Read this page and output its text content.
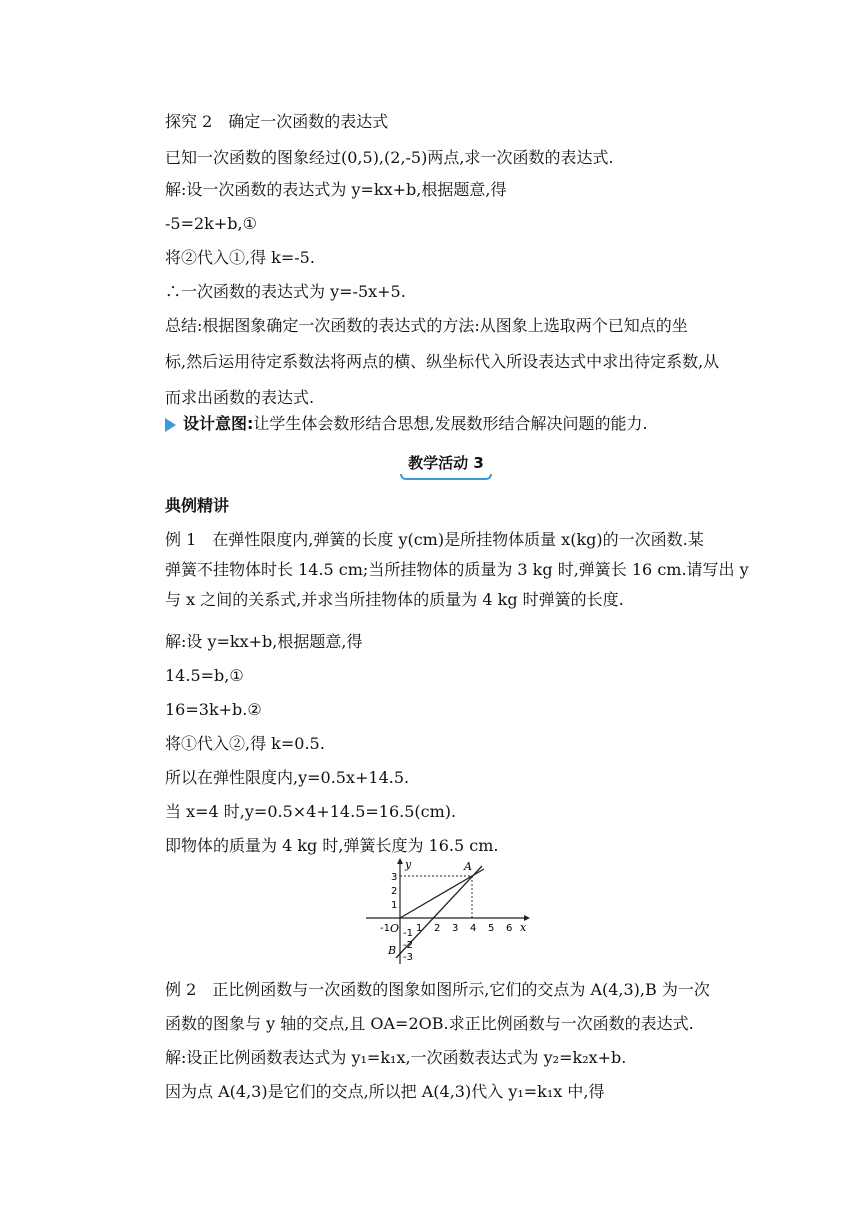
探究 2　确定一次函数的表达式
已知一次函数的图象经过(0,5),(2,-5)两点,求一次函数的表达式.
解:设一次函数的表达式为 y=kx+b,根据题意,得
-5=2k+b,①
将②代入①,得 k=-5.
∴一次函数的表达式为 y=-5x+5.
总结:根据图象确定一次函数的表达式的方法:从图象上选取两个已知点的坐
标,然后运用待定系数法将两点的横、纵坐标代入所设表达式中求出待定系数,从
而求出函数的表达式.
设计意图:让学生体会数形结合思想,发展数形结合解决问题的能力.
教学活动 3
典例精讲
例 1　在弹性限度内,弹簧的长度 y(cm)是所挂物体质量 x(kg)的一次函数.某
弹簧不挂物体时长 14.5 cm;当所挂物体的质量为 3 kg 时,弹簧长 16 cm.请写出 y
与 x 之间的关系式,并求当所挂物体的质量为 4 kg 时弹簧的长度.
解:设 y=kx+b,根据题意,得
14.5=b,①
16=3k+b.②
将①代入②,得 k=0.5.
所以在弹性限度内,y=0.5x+14.5.
当 x=4 时,y=0.5×4+14.5=16.5(cm).
即物体的质量为 4 kg 时,弹簧长度为 16.5 cm.
x
y
-1	1 2 3 4 5 6
3
2
1
-1
-2
-3
O
A
B
例 2　正比例函数与一次函数的图象如图所示,它们的交点为 A(4,3),B 为一次
函数的图象与 y 轴的交点,且 OA=2OB.求正比例函数与一次函数的表达式.
解:设正比例函数表达式为 y₁=k₁x,一次函数表达式为 y₂=k₂x+b.
因为点 A(4,3)是它们的交点,所以把 A(4,3)代入 y₁=k₁x 中,得
